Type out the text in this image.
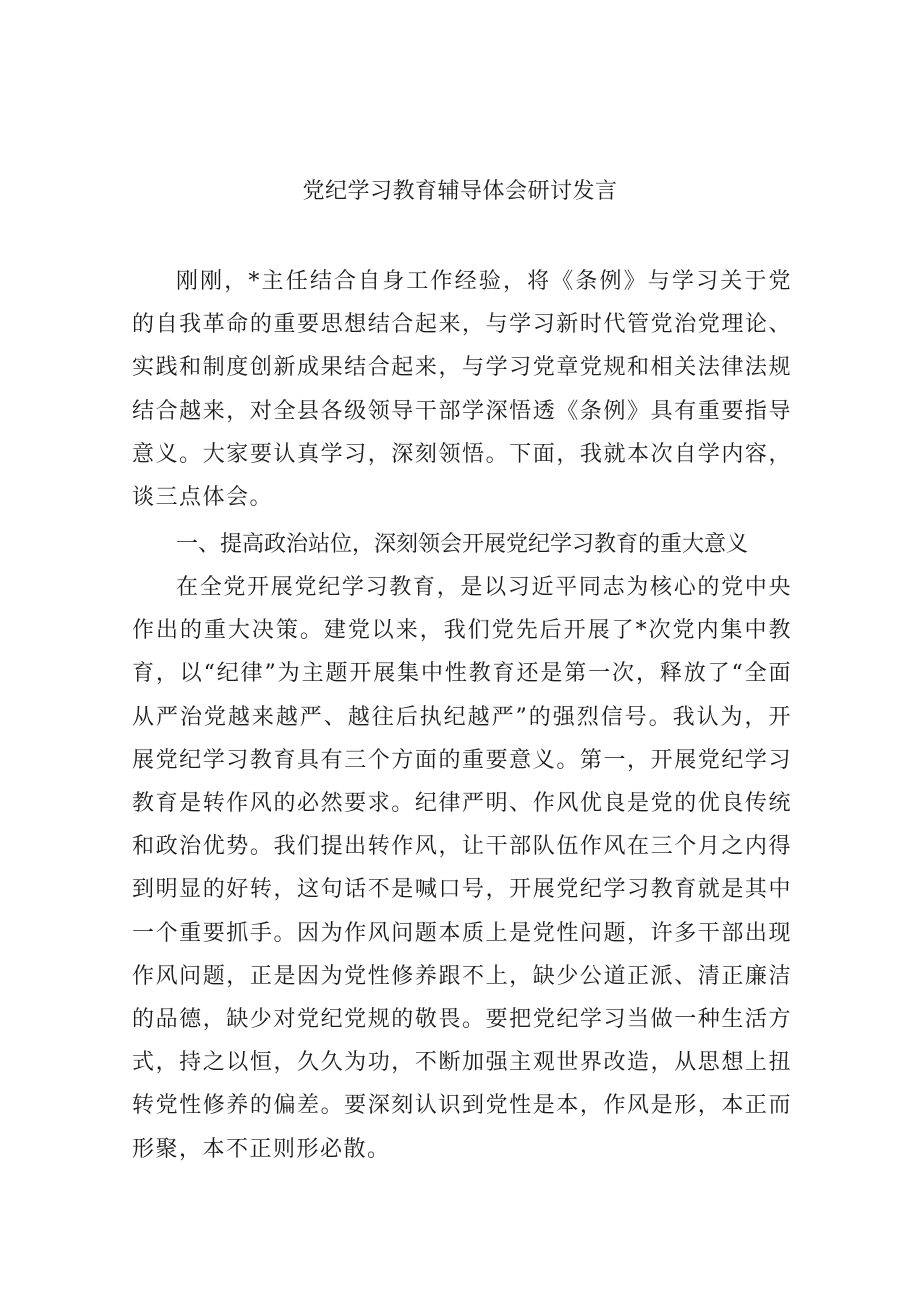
党纪学习教育辅导体会研讨发言

刚刚，*主任结合自身工作经验，将《条例》与学习关于党的自我革命的重要思想结合起来，与学习新时代管党治党理论、实践和制度创新成果结合起来，与学习党章党规和相关法律法规结合越来，对全县各级领导干部学深悟透《条例》具有重要指导意义。大家要认真学习，深刻领悟。下面，我就本次自学内容，谈三点体会。

一、提高政治站位，深刻领会开展党纪学习教育的重大意义

在全党开展党纪学习教育，是以习近平同志为核心的党中央作出的重大决策。建党以来，我们党先后开展了*次党内集中教育，以“纪律”为主题开展集中性教育还是第一次，释放了“全面从严治党越来越严、越往后执纪越严”的强烈信号。我认为，开展党纪学习教育具有三个方面的重要意义。第一，开展党纪学习教育是转作风的必然要求。纪律严明、作风优良是党的优良传统和政治优势。我们提出转作风，让干部队伍作风在三个月之内得到明显的好转，这句话不是喊口号，开展党纪学习教育就是其中一个重要抓手。因为作风问题本质上是党性问题，许多干部出现作风问题，正是因为党性修养跟不上，缺少公道正派、清正廉洁的品德，缺少对党纪党规的敬畏。要把党纪学习当做一种生活方式，持之以恒，久久为功，不断加强主观世界改造，从思想上扭转党性修养的偏差。要深刻认识到党性是本，作风是形，本正而形聚，本不正则形必散。
